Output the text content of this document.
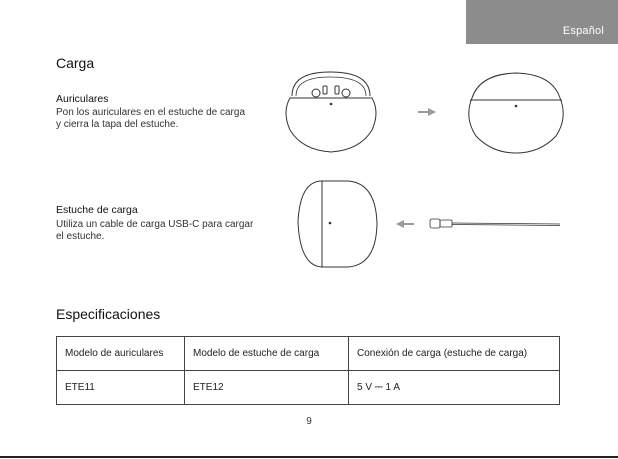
Español
Carga
Auriculares
Pon los auriculares en el estuche de carga
y cierra la tapa del estuche.
Estuche de carga
Utiliza un cable de carga USB-C para cargar
el estuche.
Especificaciones
Modelo de auriculares	Modelo de estuche de carga	Conexión de carga (estuche de carga)
ETE11	ETE12	5 V ⎓ 1 A
9
